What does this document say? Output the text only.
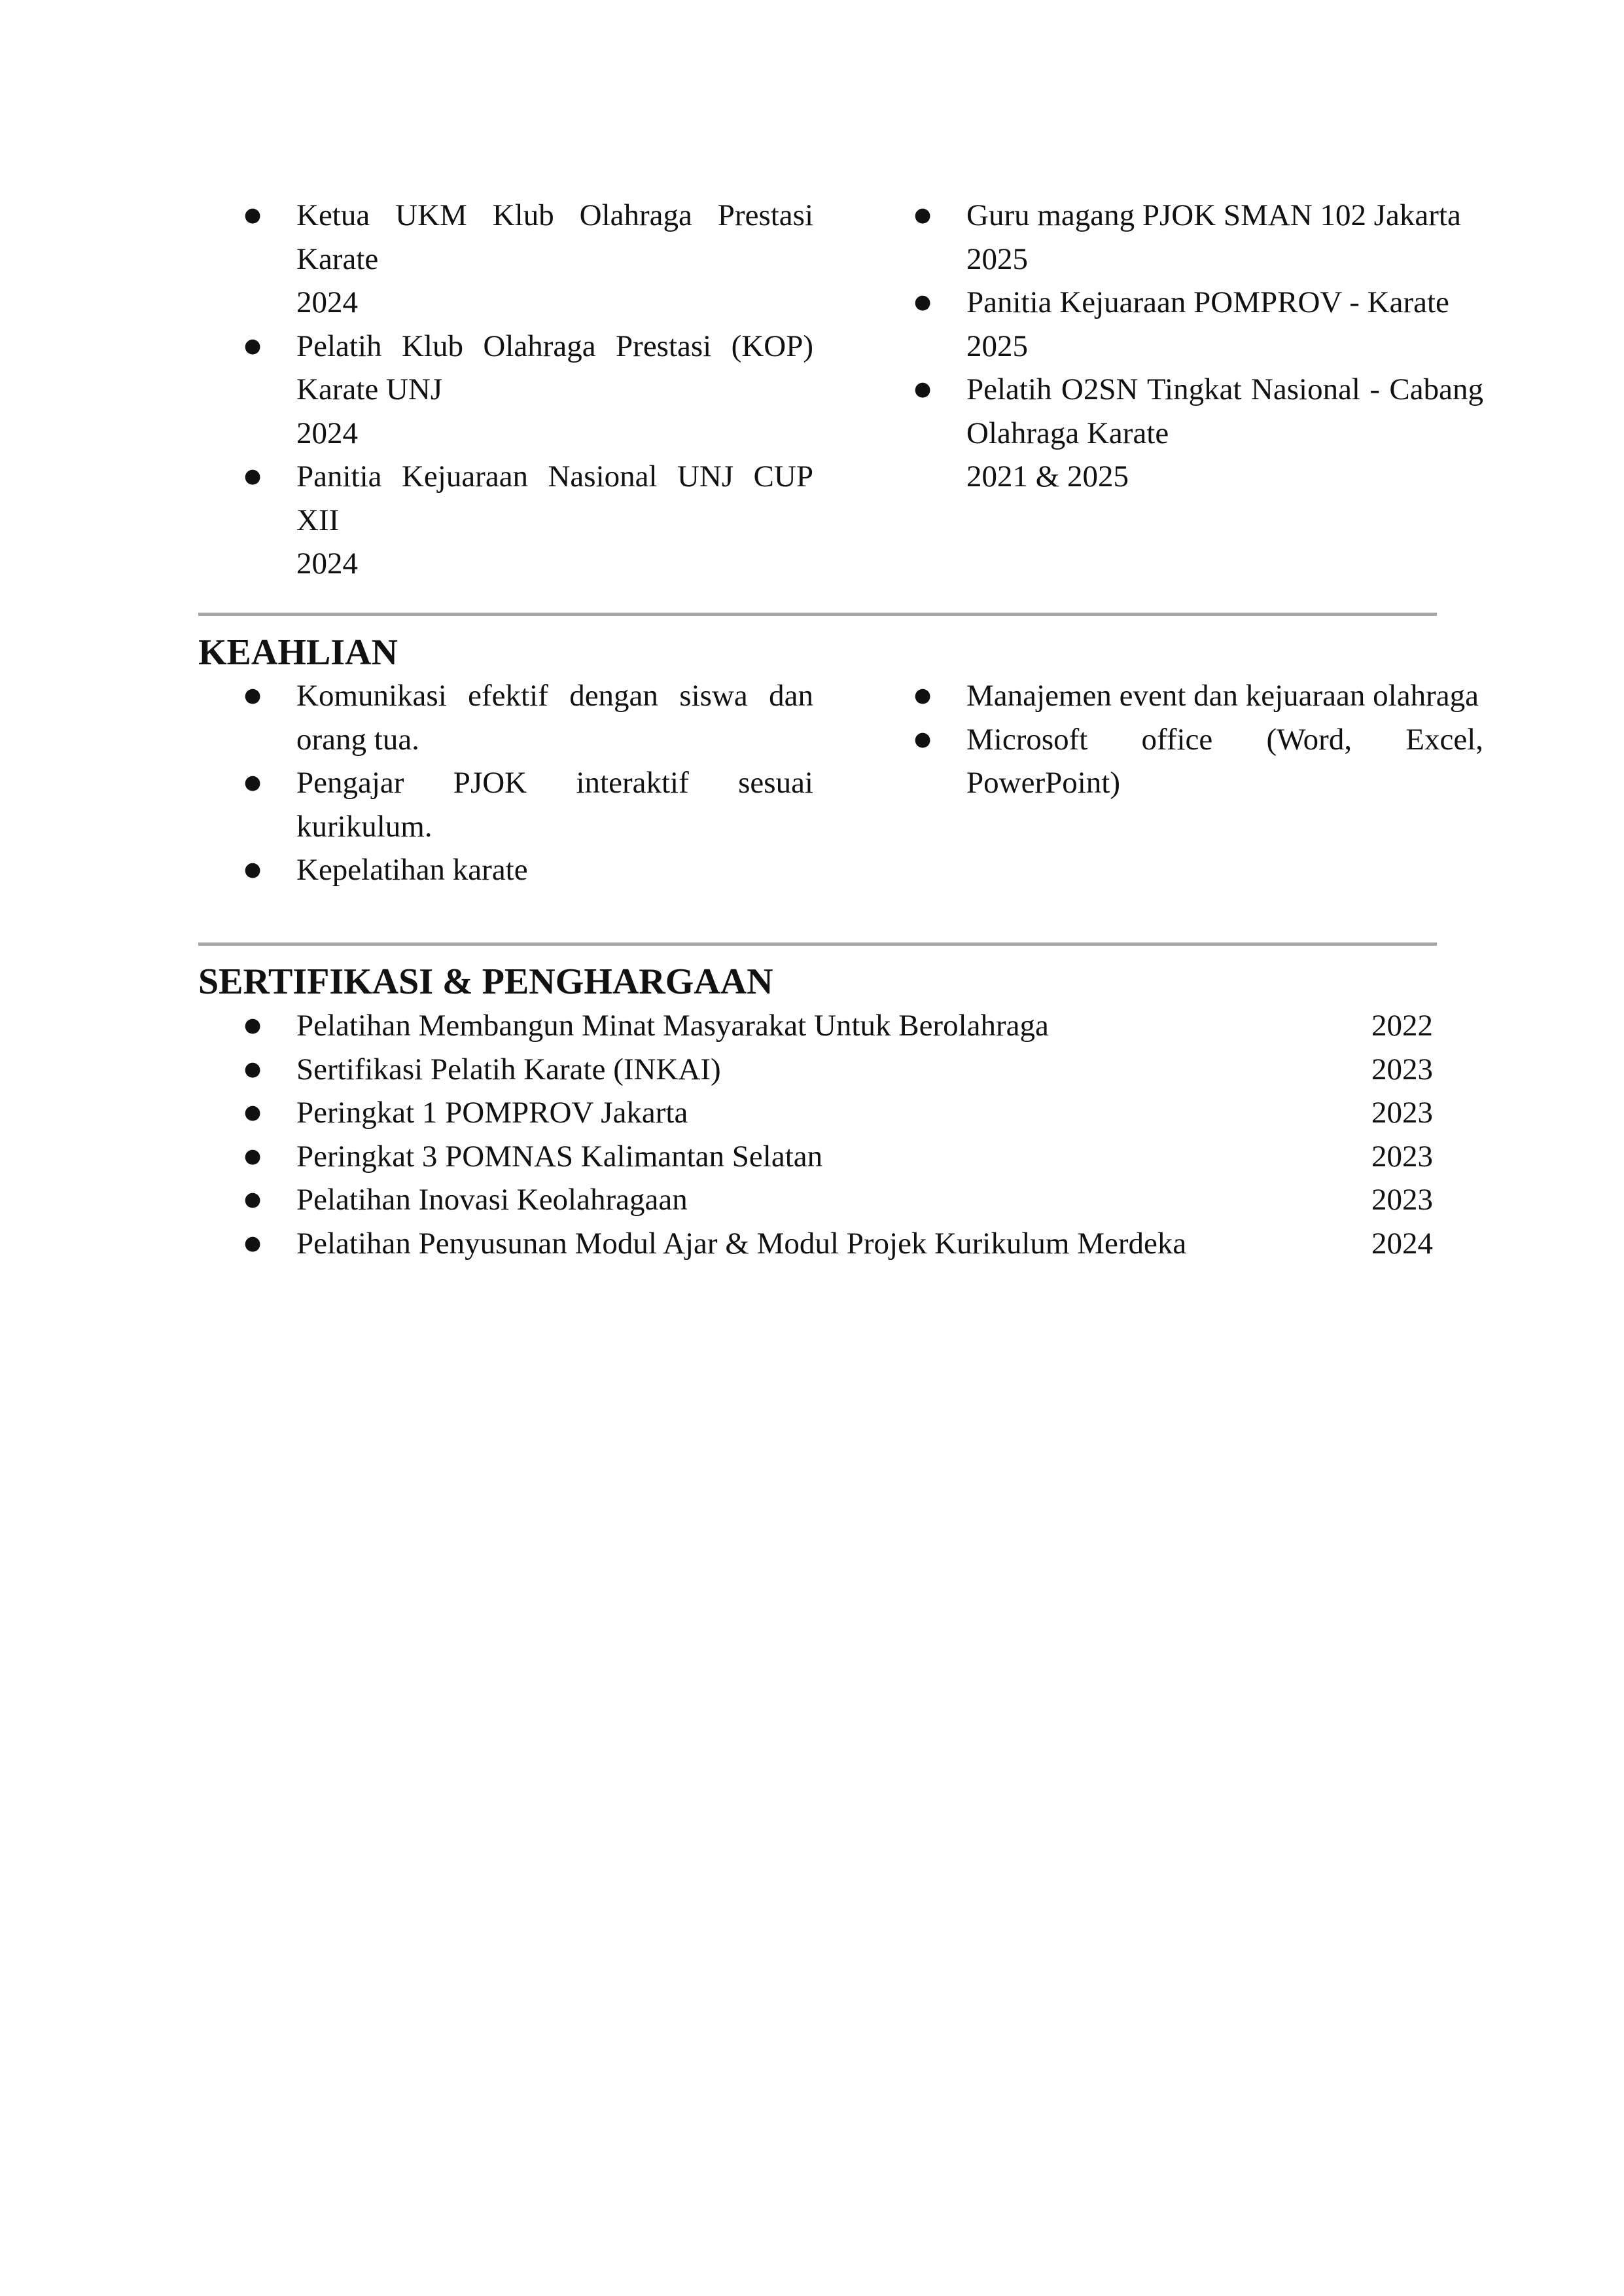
● Ketua UKM Klub Olahraga Prestasi Karate
2024
● Pelatih Klub Olahraga Prestasi (KOP) Karate UNJ
2024
● Panitia Kejuaraan Nasional UNJ CUP XII
2024
● Guru magang PJOK SMAN 102 Jakarta
2025
● Panitia Kejuaraan POMPROV - Karate
2025
● Pelatih O2SN Tingkat Nasional - Cabang Olahraga Karate
2021 & 2025
KEAHLIAN
● Komunikasi efektif dengan siswa dan orang tua.
● Pengajar PJOK interaktif sesuai kurikulum.
● Kepelatihan karate
● Manajemen event dan kejuaraan olahraga
● Microsoft office (Word, Excel, PowerPoint)
SERTIFIKASI & PENGHARGAAN
● Pelatihan Membangun Minat Masyarakat Untuk Berolahraga	2022
● Sertifikasi Pelatih Karate (INKAI)	2023
● Peringkat 1 POMPROV Jakarta	2023
● Peringkat 3 POMNAS Kalimantan Selatan	2023
● Pelatihan Inovasi Keolahragaan	2023
● Pelatihan Penyusunan Modul Ajar & Modul Projek Kurikulum Merdeka	2024
